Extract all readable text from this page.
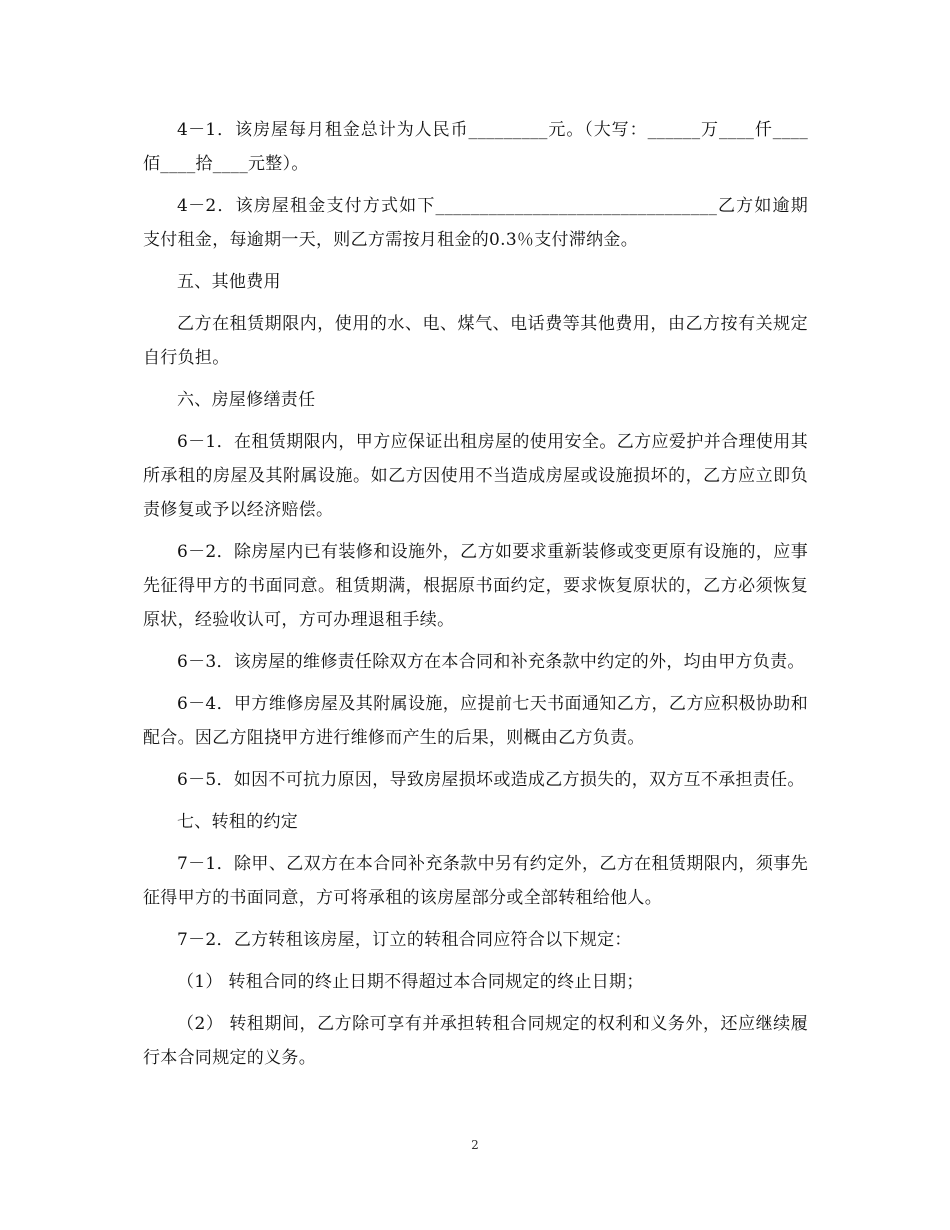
4－1．该房屋每月租金总计为人民币_________元。（大写：______万____仟____佰____拾____元整）。

4－2．该房屋租金支付方式如下________________________________乙方如逾期支付租金，每逾期一天，则乙方需按月租金的0.3％支付滞纳金。

五、其他费用

乙方在租赁期限内，使用的水、电、煤气、电话费等其他费用，由乙方按有关规定自行负担。

六、房屋修缮责任

6－1．在租赁期限内，甲方应保证出租房屋的使用安全。乙方应爱护并合理使用其所承租的房屋及其附属设施。如乙方因使用不当造成房屋或设施损坏的，乙方应立即负责修复或予以经济赔偿。

6－2．除房屋内已有装修和设施外，乙方如要求重新装修或变更原有设施的，应事先征得甲方的书面同意。租赁期满，根据原书面约定，要求恢复原状的，乙方必须恢复原状，经验收认可，方可办理退租手续。

6－3．该房屋的维修责任除双方在本合同和补充条款中约定的外，均由甲方负责。

6－4．甲方维修房屋及其附属设施，应提前七天书面通知乙方，乙方应积极协助和配合。因乙方阻挠甲方进行维修而产生的后果，则概由乙方负责。

6－5．如因不可抗力原因，导致房屋损坏或造成乙方损失的，双方互不承担责任。

七、转租的约定

7－1．除甲、乙双方在本合同补充条款中另有约定外，乙方在租赁期限内，须事先征得甲方的书面同意，方可将承租的该房屋部分或全部转租给他人。

7－2．乙方转租该房屋，订立的转租合同应符合以下规定：

（1） 转租合同的终止日期不得超过本合同规定的终止日期；

（2） 转租期间，乙方除可享有并承担转租合同规定的权利和义务外，还应继续履行本合同规定的义务。

2
